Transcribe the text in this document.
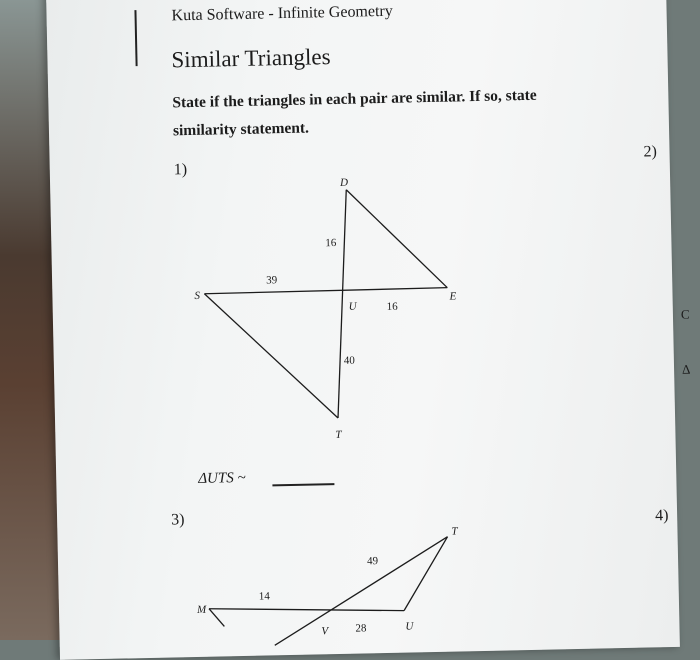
Kuta Software - Infinite Geometry
Similar Triangles
State if the triangles in each pair are similar. If so, state
similarity statement.
1)
2)
3)	4)
ΔUTS ~
D
E
S
T
U
16
39
16
40
T
M
V	U
49
14
28
C
Δ
